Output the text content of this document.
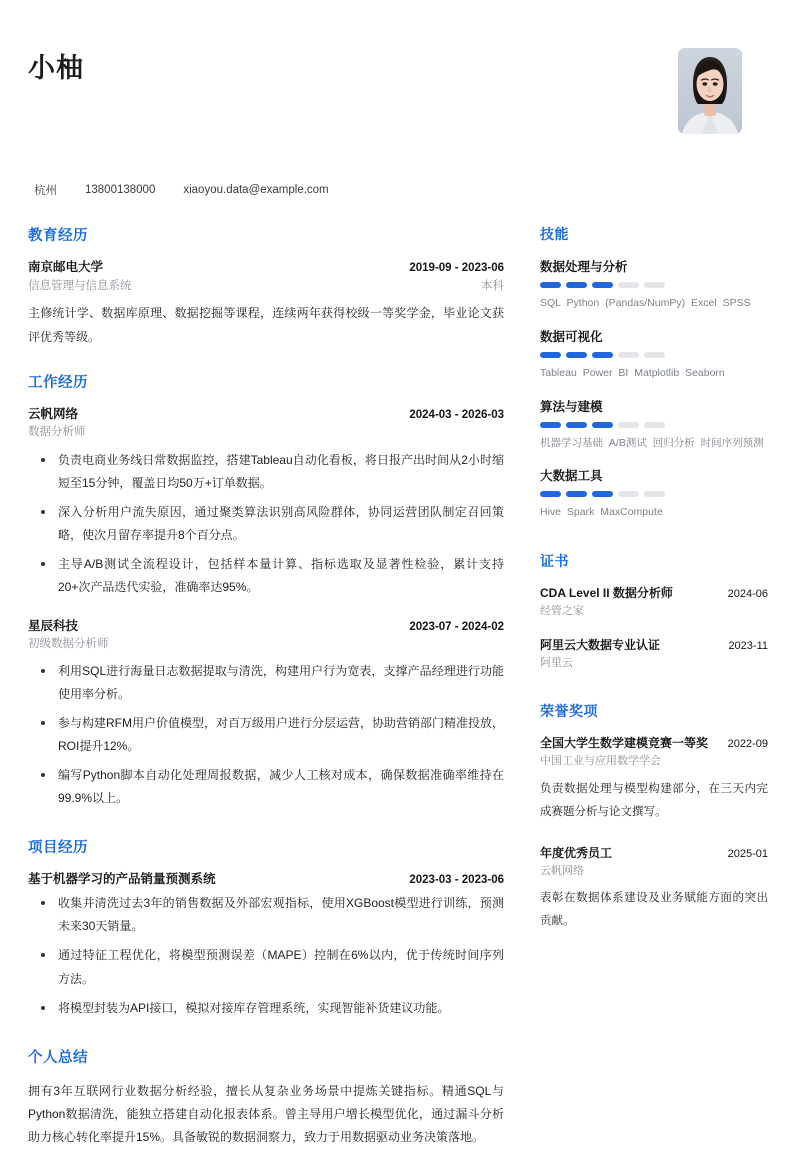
小柚
杭州 13800138000 xiaoyou.data@example.com
教育经历
南京邮电大学	2019-09 - 2023-06
信息管理与信息系统	本科
主修统计学、数据库原理、数据挖掘等课程，连续两年获得校级一等奖学金，毕业论文获评优秀等级。
工作经历
云帆网络	2024-03 - 2026-03
数据分析师
负责电商业务线日常数据监控，搭建Tableau自动化看板，将日报产出时间从2小时缩短至15分钟，覆盖日均50万+订单数据。
深入分析用户流失原因，通过聚类算法识别高风险群体，协同运营团队制定召回策略，使次月留存率提升8个百分点。
主导A/B测试全流程设计，包括样本量计算、指标选取及显著性检验，累计支持20+次产品迭代实验，准确率达95%。
星辰科技	2023-07 - 2024-02
初级数据分析师
利用SQL进行海量日志数据提取与清洗，构建用户行为宽表，支撑产品经理进行功能使用率分析。
参与构建RFM用户价值模型，对百万级用户进行分层运营，协助营销部门精准投放，ROI提升12%。
编写Python脚本自动化处理周报数据，减少人工核对成本，确保数据准确率维持在99.9%以上。
项目经历
基于机器学习的产品销量预测系统	2023-03 - 2023-06
收集并清洗过去3年的销售数据及外部宏观指标，使用XGBoost模型进行训练，预测未来30天销量。
通过特征工程优化，将模型预测误差（MAPE）控制在6%以内，优于传统时间序列方法。
将模型封装为API接口，模拟对接库存管理系统，实现智能补货建议功能。
个人总结
拥有3年互联网行业数据分析经验，擅长从复杂业务场景中提炼关键指标。精通SQL与Python数据清洗，能独立搭建自动化报表体系。曾主导用户增长模型优化，通过漏斗分析助力核心转化率提升15%。具备敏锐的数据洞察力，致力于用数据驱动业务决策落地。
技能
数据处理与分析
SQL Python (Pandas/NumPy) Excel SPSS
数据可视化
Tableau Power BI Matplotlib Seaborn
算法与建模
机器学习基础 A/B测试 回归分析 时间序列预测
大数据工具
Hive Spark MaxCompute
证书
CDA Level II 数据分析师	2024-06
经管之家
阿里云大数据专业认证	2023-11
阿里云
荣誉奖项
全国大学生数学建模竞赛一等奖 2022-09
中国工业与应用数学学会
负责数据处理与模型构建部分，在三天内完成赛题分析与论文撰写。
年度优秀员工	2025-01
云帆网络
表彰在数据体系建设及业务赋能方面的突出贡献。
